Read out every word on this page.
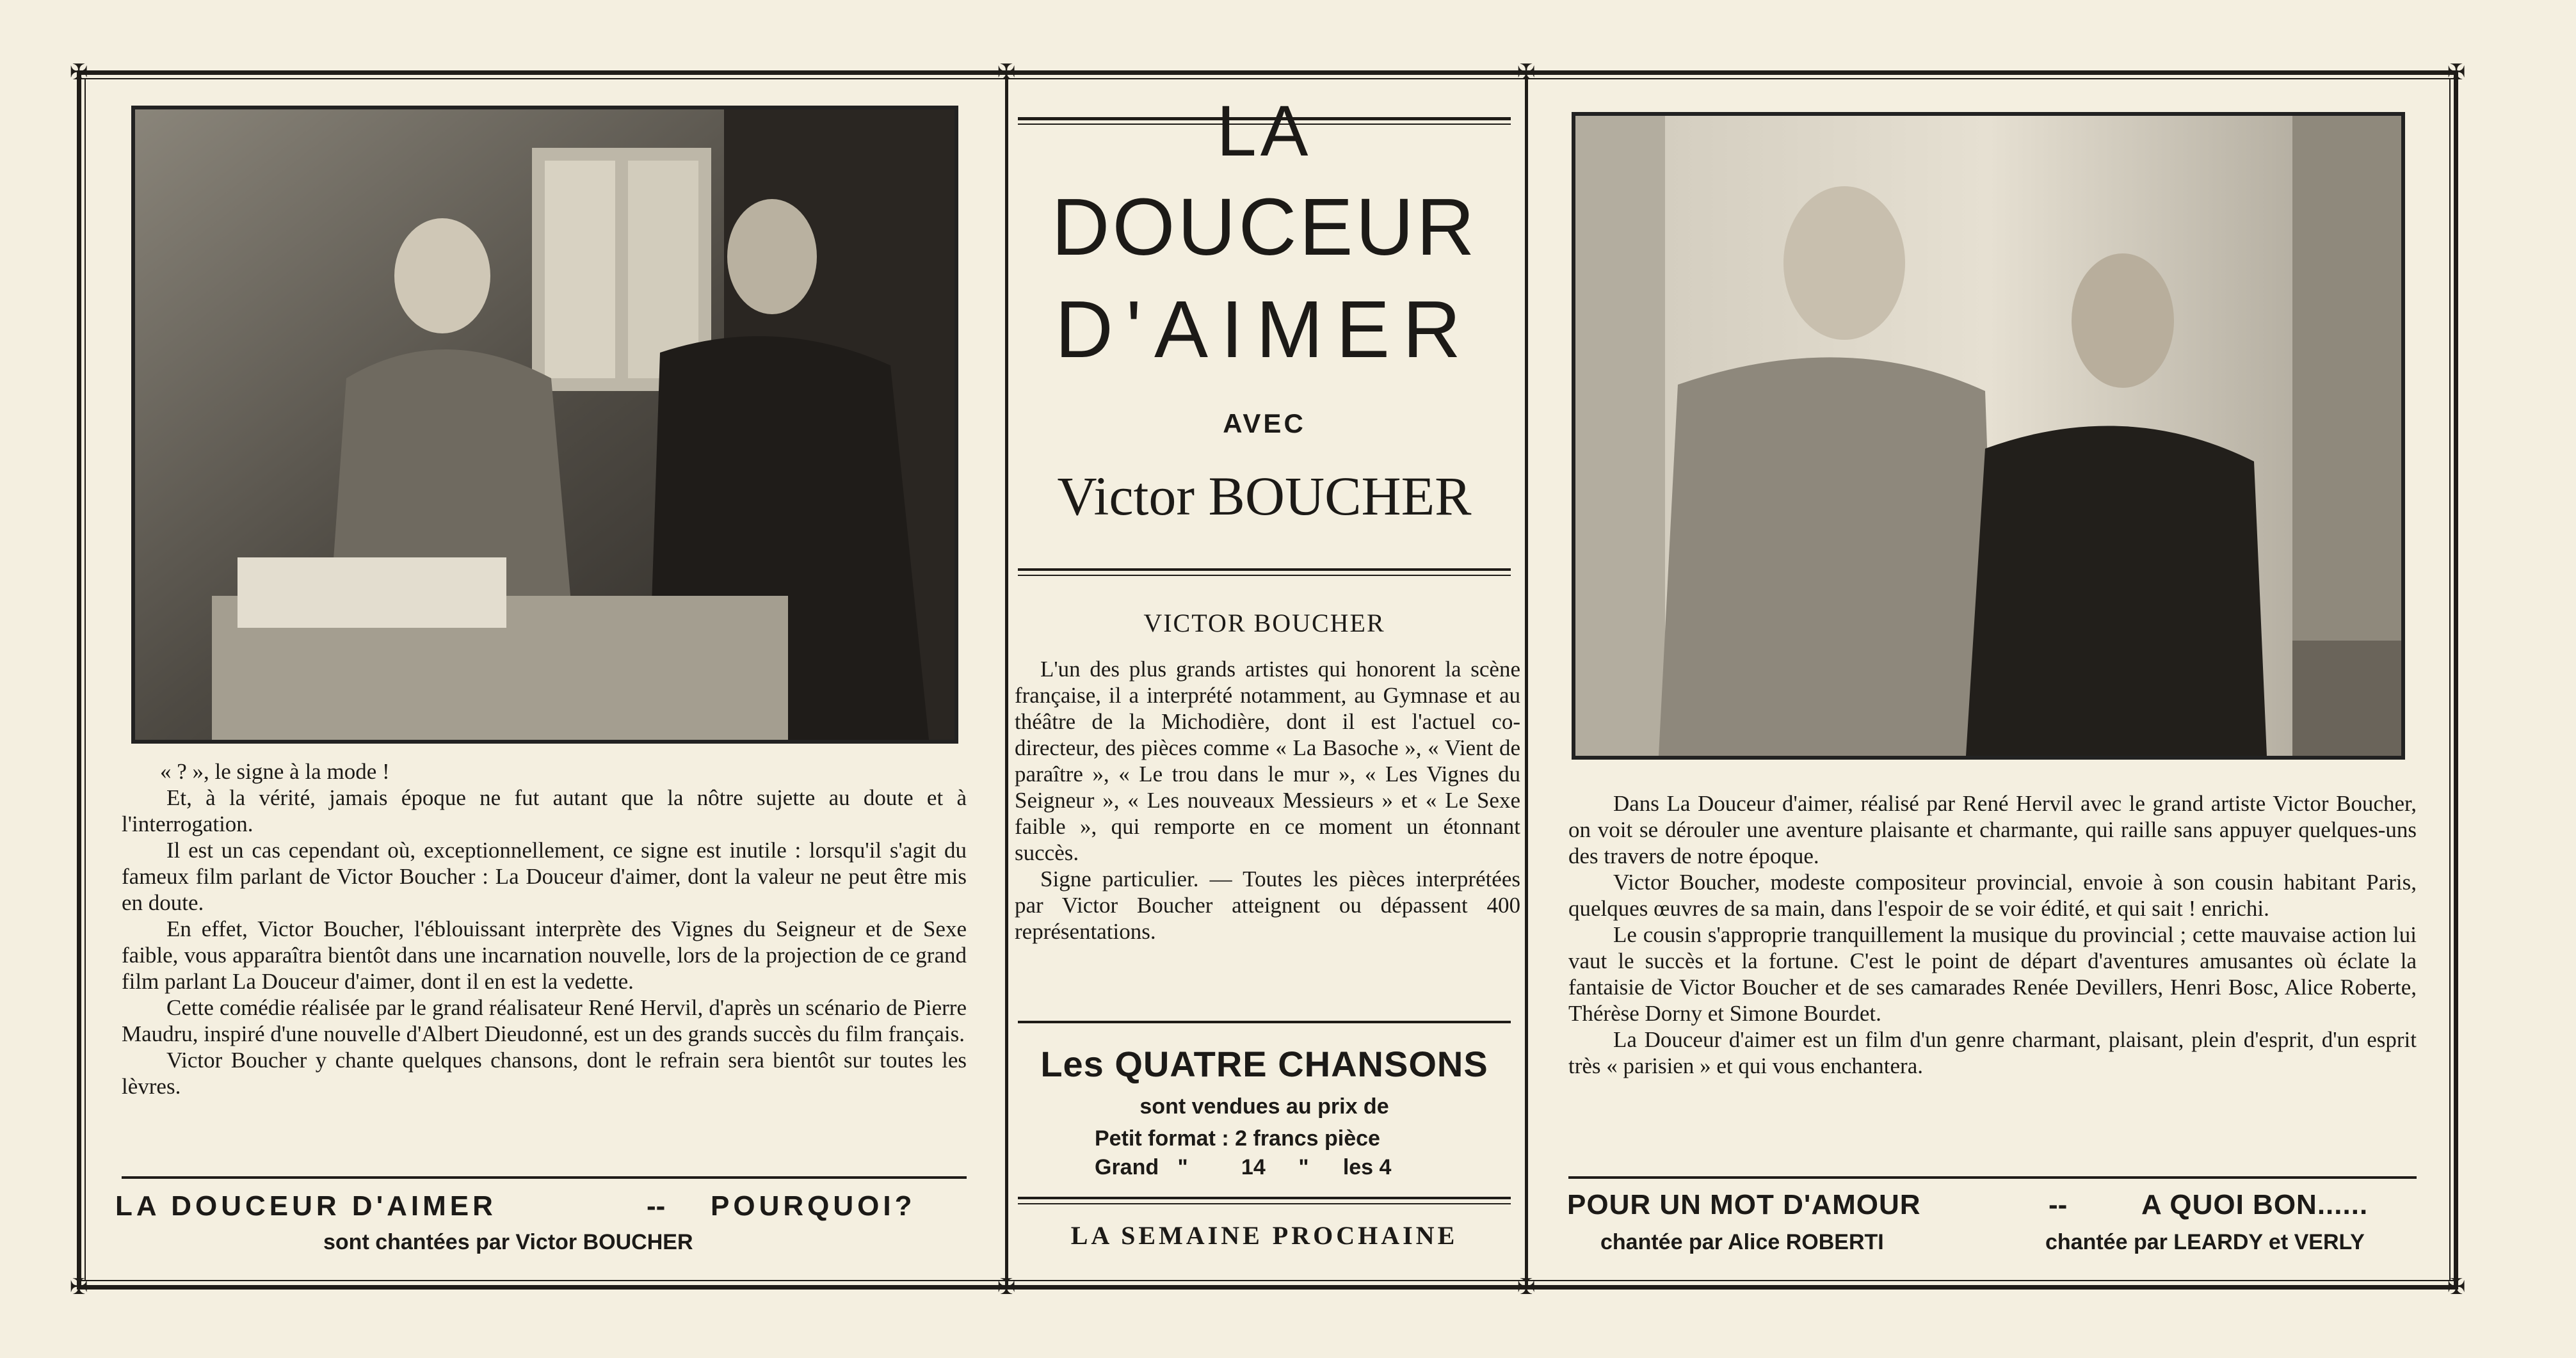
✠	✠
✠	✠
✠	✠
✠	✠

« ? », le signe à la mode !

Et, à la vérité, jamais époque ne fut autant que la nôtre sujette au doute et à l'interrogation.

Il est un cas cependant où, exceptionnellement, ce signe est inutile : lorsqu'il s'agit du fameux film parlant de Victor Boucher : La Douceur d'aimer, dont la valeur ne peut être mis en doute.

En effet, Victor Boucher, l'éblouissant interprète des Vignes du Seigneur et de Sexe faible, vous apparaîtra bientôt dans une incarnation nouvelle, lors de la projection de ce grand film parlant La Douceur d'aimer, dont il en est la vedette.

Cette comédie réalisée par le grand réalisateur René Hervil, d'après un scénario de Pierre Maudru, inspiré d'une nouvelle d'Albert Dieudonné, est un des grands succès du film français.

Victor Boucher y chante quelques chansons, dont le refrain sera bientôt sur toutes les lèvres.

LA DOUCEUR D'AIMER	-- POURQUOI?
sont chantées par Victor BOUCHER
LA
DOUCEUR
D'AIMER
AVEC
Victor BOUCHER
VICTOR BOUCHER

L'un des plus grands artistes qui honorent la scène française, il a interprété notamment, au Gymnase et au théâtre de la Michodière, dont il est l'actuel co-directeur, des pièces comme « La Basoche », « Vient de paraître », « Le trou dans le mur », « Les Vignes du Seigneur », « Les nouveaux Messieurs » et « Le Sexe faible », qui remporte en ce moment un étonnant succès.

Signe particulier. — Toutes les pièces interprétées par Victor Boucher atteignent ou dépassent 400 représentations.

Les QUATRE CHANSONS
sont vendues au prix de
Petit format : 2 francs pièce
Grand " 14 " les 4
LA SEMAINE PROCHAINE

Dans La Douceur d'aimer, réalisé par René Hervil avec le grand artiste Victor Boucher, on voit se dérouler une aventure plaisante et charmante, qui raille sans appuyer quelques-uns des travers de notre époque.

Victor Boucher, modeste compositeur provincial, envoie à son cousin habitant Paris, quelques œuvres de sa main, dans l'espoir de se voir édité, et qui sait ! enrichi.

Le cousin s'approprie tranquillement la musique du provincial ; cette mauvaise action lui vaut le succès et la fortune. C'est le point de départ d'aventures amusantes où éclate la fantaisie de Victor Boucher et de ses camarades Renée Devillers, Henri Bosc, Alice Roberte, Thérèse Dorny et Simone Bourdet.

La Douceur d'aimer est un film d'un genre charmant, plaisant, plein d'esprit, d'un esprit très « parisien » et qui vous enchantera.

POUR UN MOT D'AMOUR	--	A QUOI BON......
chantée par Alice ROBERTI	chantée par LEARDY et VERLY
